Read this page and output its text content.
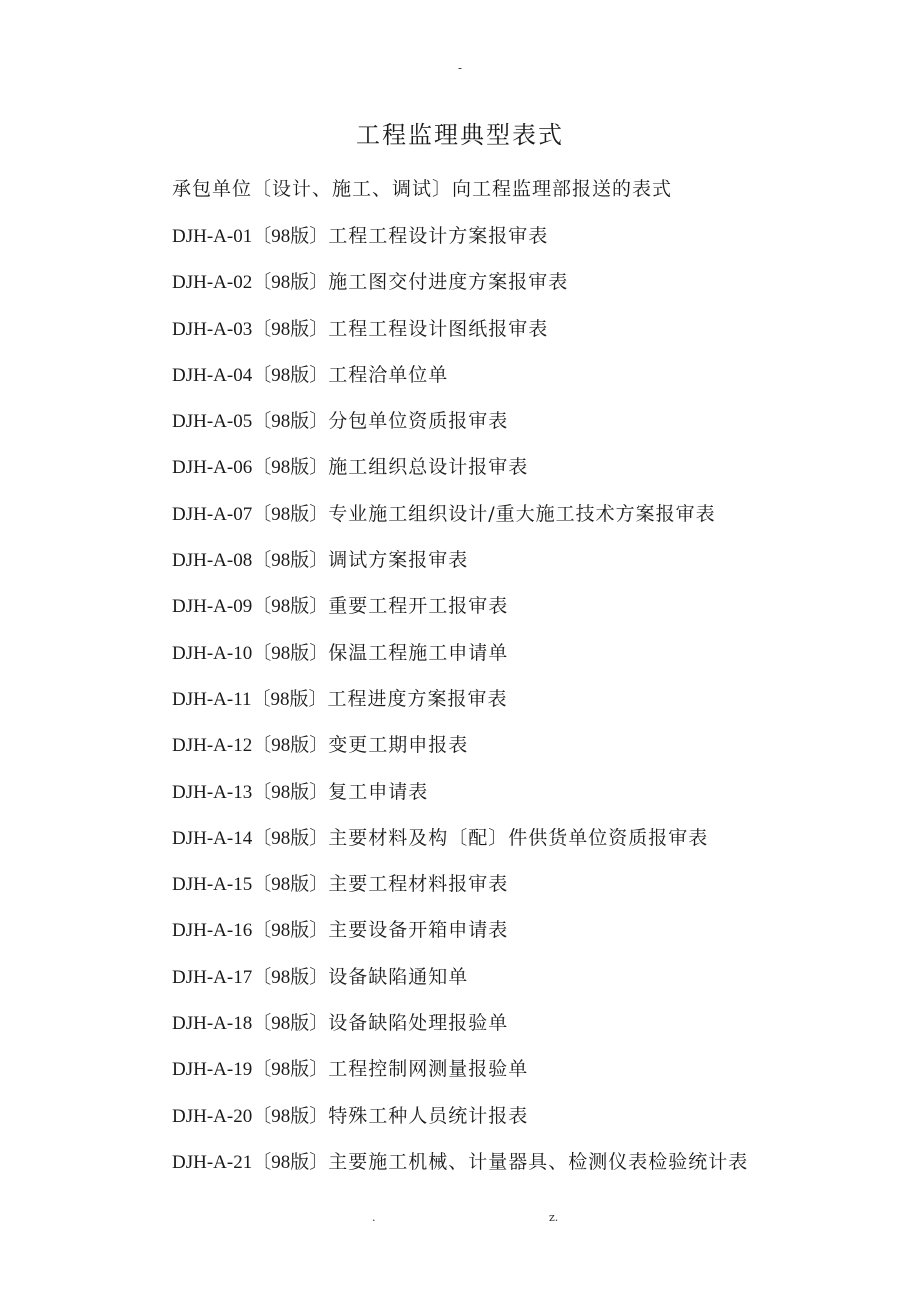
-
工程监理典型表式
承包单位〔设计、施工、调试〕向工程监理部报送的表式
DJH-A-01〔98版〕工程工程设计方案报审表
DJH-A-02〔98版〕施工图交付进度方案报审表
DJH-A-03〔98版〕工程工程设计图纸报审表
DJH-A-04〔98版〕工程洽单位单
DJH-A-05〔98版〕分包单位资质报审表
DJH-A-06〔98版〕施工组织总设计报审表
DJH-A-07〔98版〕专业施工组织设计/重大施工技术方案报审表
DJH-A-08〔98版〕调试方案报审表
DJH-A-09〔98版〕重要工程开工报审表
DJH-A-10〔98版〕保温工程施工申请单
DJH-A-11〔98版〕工程进度方案报审表
DJH-A-12〔98版〕变更工期申报表
DJH-A-13〔98版〕复工申请表
DJH-A-14〔98版〕主要材料及构〔配〕件供货单位资质报审表
DJH-A-15〔98版〕主要工程材料报审表
DJH-A-16〔98版〕主要设备开箱申请表
DJH-A-17〔98版〕设备缺陷通知单
DJH-A-18〔98版〕设备缺陷处理报验单
DJH-A-19〔98版〕工程控制网测量报验单
DJH-A-20〔98版〕特殊工种人员统计报表
DJH-A-21〔98版〕主要施工机械、计量器具、检测仪表检验统计表
.	z.
